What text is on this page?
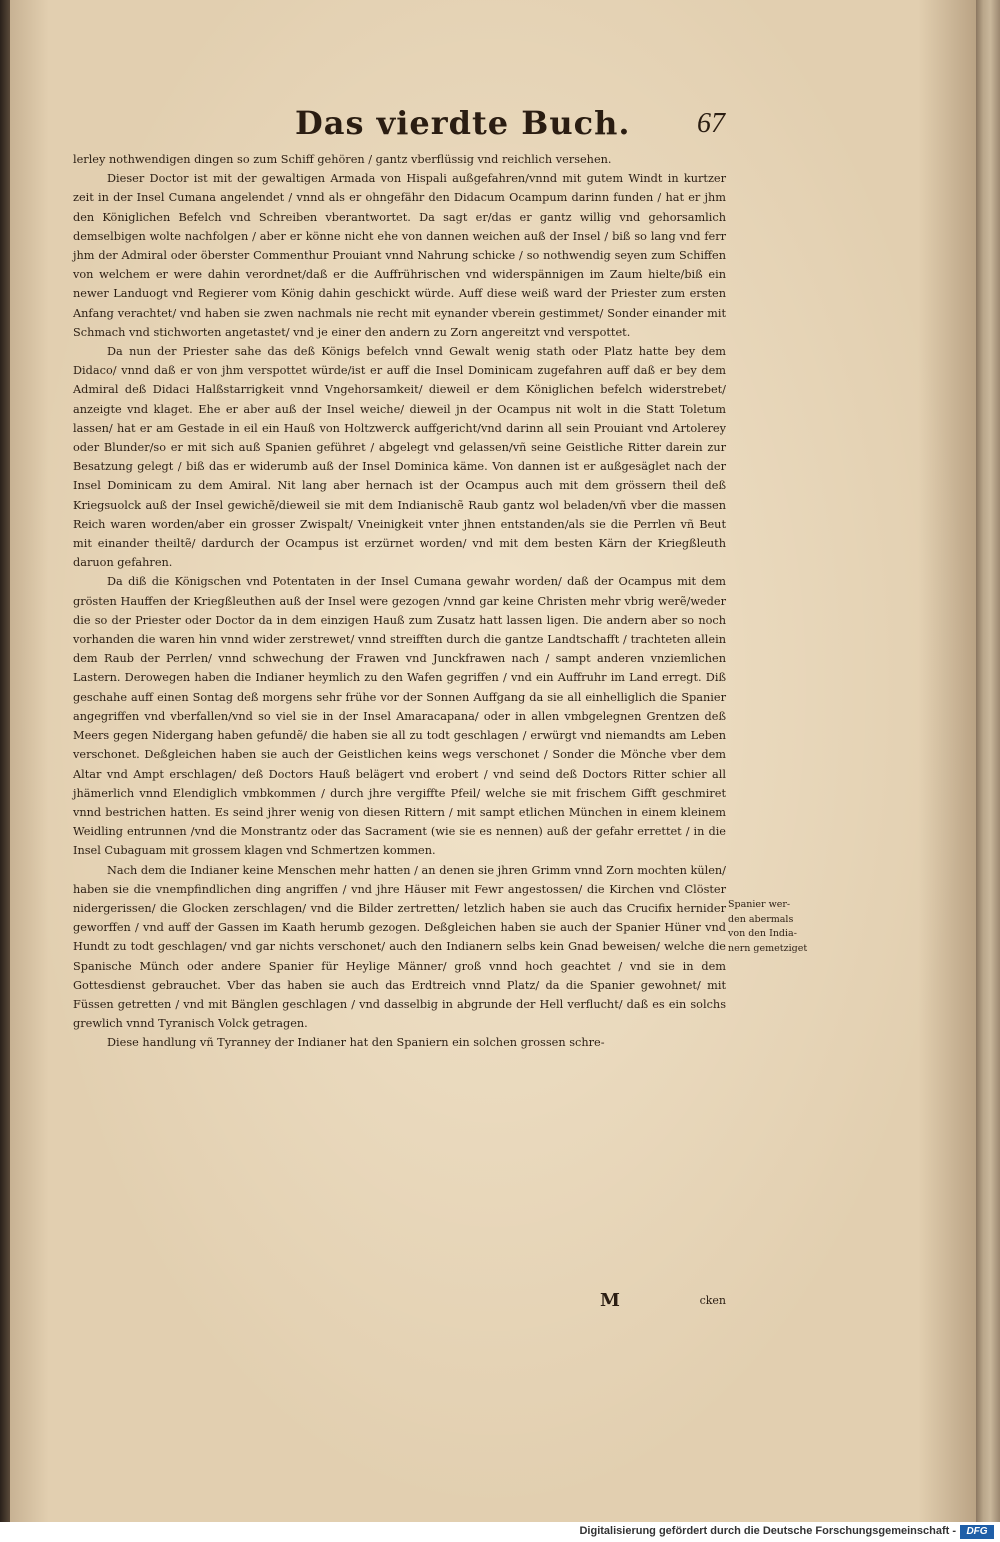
Das vierdte Buch. 67

lerley nothwendigen dingen so zum Schiff gehören / gantz vberflüssig vnd reichlich versehen.

Dieser Doctor ist mit der gewaltigen Armada von Hispali außgefahren/vnnd mit gutem Windt in kurtzer zeit in der Insel Cumana angelendet / vnnd als er ohngefähr den Didacum Ocampum darinn funden / hat er jhm den Königlichen Befelch vnd Schreiben vberantwortet. Da sagt er/das er gantz willig vnd gehorsamlich demselbigen wolte nachfolgen / aber er könne nicht ehe von dannen weichen auß der Insel / biß so lang vnd ferr jhm der Admiral oder öberster Commenthur Prouiant vnnd Nahrung schicke / so nothwendig seyen zum Schiffen von welchem er were dahin verordnet/daß er die Auffrührischen vnd widerspännigen im Zaum hielte/biß ein newer Landuogt vnd Regierer vom König dahin geschickt würde. Auff diese weiß ward der Priester zum ersten Anfang verachtet/ vnd haben sie zwen nachmals nie recht mit eynander vberein gestimmet/ Sonder einander mit Schmach vnd stichworten angetastet/ vnd je einer den andern zu Zorn angereitzt vnd verspottet.

Da nun der Priester sahe das deß Königs befelch vnnd Gewalt wenig stath oder Platz hatte bey dem Didaco/ vnnd daß er von jhm verspottet würde/ist er auff die Insel Dominicam zugefahren auff daß er bey dem Admiral deß Didaci Halßstarrigkeit vnnd Vngehorsamkeit/ dieweil er dem Königlichen befelch widerstrebet/ anzeigte vnd klaget. Ehe er aber auß der Insel weiche/ dieweil jn der Ocampus nit wolt in die Statt Toletum lassen/ hat er am Gestade in eil ein Hauß von Holtzwerck auffgericht/vnd darinn all sein Prouiant vnd Artolerey oder Blunder/so er mit sich auß Spanien geführet / abgelegt vnd gelassen/vñ seine Geistliche Ritter darein zur Besatzung gelegt / biß das er widerumb auß der Insel Dominica käme. Von dannen ist er außgesäglet nach der Insel Dominicam zu dem Amiral. Nit lang aber hernach ist der Ocampus auch mit dem grössern theil deß Kriegsuolck auß der Insel gewichẽ/dieweil sie mit dem Indianischẽ Raub gantz wol beladen/vñ vber die massen Reich waren worden/aber ein grosser Zwispalt/ Vneinigkeit vnter jhnen entstanden/als sie die Perrlen vñ Beut mit einander theiltẽ/ dardurch der Ocampus ist erzürnet worden/ vnd mit dem besten Kärn der Kriegßleuth daruon gefahren.

Da diß die Königschen vnd Potentaten in der Insel Cumana gewahr worden/ daß der Ocampus mit dem grösten Hauffen der Kriegßleuthen auß der Insel were gezogen /vnnd gar keine Christen mehr vbrig werẽ/weder die so der Priester oder Doctor da in dem einzigen Hauß zum Zusatz hatt lassen ligen. Die andern aber so noch vorhanden die waren hin vnnd wider zerstrewet/ vnnd streifften durch die gantze Landtschafft / trachteten allein dem Raub der Perrlen/ vnnd schwechung der Frawen vnd Junckfrawen nach / sampt anderen vnziemlichen Lastern. Derowegen haben die Indianer heymlich zu den Wafen gegriffen / vnd ein Auffruhr im Land erregt. Diß geschahe auff einen Sontag deß morgens sehr frühe vor der Sonnen Auffgang da sie all einhelliglich die Spanier angegriffen vnd vberfallen/vnd so viel sie in der Insel Amaracapana/ oder in allen vmbgelegnen Grentzen deß Meers gegen Nidergang haben gefundẽ/ die haben sie all zu todt geschlagen / erwürgt vnd niemandts am Leben verschonet. Deßgleichen haben sie auch der Geistlichen keins wegs verschonet / Sonder die Mönche vber dem Altar vnd Ampt erschlagen/ deß Doctors Hauß belägert vnd erobert / vnd seind deß Doctors Ritter schier all jhämerlich vnnd Elendiglich vmbkommen / durch jhre vergiffte Pfeil/ welche sie mit frischem Gifft geschmiret vnnd bestrichen hatten. Es seind jhrer wenig von diesen Rittern / mit sampt etlichen München in einem kleinem Weidling entrunnen /vnd die Monstrantz oder das Sacrament (wie sie es nennen) auß der gefahr errettet / in die Insel Cubaguam mit grossem klagen vnd Schmertzen kommen.

Nach dem die Indianer keine Menschen mehr hatten / an denen sie jhren Grimm vnnd Zorn mochten külen/ haben sie die vnempfindlichen ding angriffen / vnd jhre Häuser mit Fewr angestossen/ die Kirchen vnd Clöster nidergerissen/ die Glocken zerschlagen/ vnd die Bilder zertretten/ letzlich haben sie auch das Crucifix hernider geworffen / vnd auff der Gassen im Kaath herumb gezogen. Deßgleichen haben sie auch der Spanier Hüner vnd Hundt zu todt geschlagen/ vnd gar nichts verschonet/ auch den Indianern selbs kein Gnad beweisen/ welche die Spanische Münch oder andere Spanier für Heylige Männer/ groß vnnd hoch geachtet / vnd sie in dem Gottesdienst gebrauchet. Vber das haben sie auch das Erdtreich vnnd Platz/ da die Spanier gewohnet/ mit Füssen getretten / vnd mit Bänglen geschlagen / vnd dasselbig in abgrunde der Hell verflucht/ daß es ein solchs grewlich vnnd Tyranisch Volck getragen.

Diese handlung vñ Tyranney der Indianer hat den Spaniern ein solchen grossen schre-

M	cken
Spanier wer-
den abermals
von den India-
nern gemetziget
Digitalisierung gefördert durch die Deutsche Forschungsgemeinschaft -	DFG
